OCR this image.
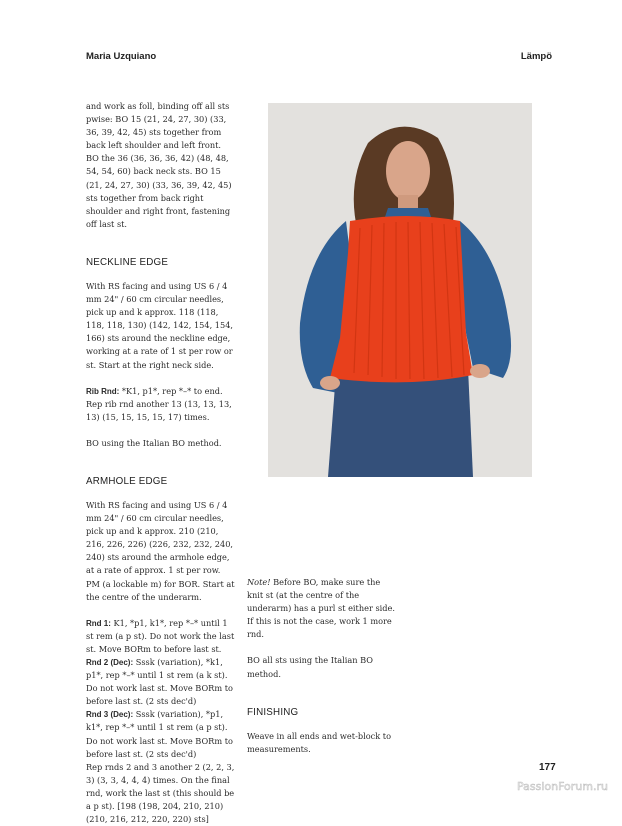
Maria Uzquiano	Lämpö

and work as foll, binding off all sts pwise: BO 15 (21, 24, 27, 30) (33, 36, 39, 42, 45) sts together from back left shoulder and left front. BO the 36 (36, 36, 36, 42) (48, 48, 54, 54, 60) back neck sts. BO 15 (21, 24, 27, 30) (33, 36, 39, 42, 45) sts together from back right shoulder and right front, fastening off last st.

NECKLINE EDGE

With RS facing and using US 6 / 4 mm 24" / 60 cm circular needles, pick up and k approx. 118 (118, 118, 118, 130) (142, 142, 154, 154, 166) sts around the neckline edge, working at a rate of 1 st per row or st. Start at the right neck side.

Rib Rnd: *K1, p1*, rep *–* to end.

Rep rib rnd another 13 (13, 13, 13, 13) (15, 15, 15, 15, 17) times.

BO using the Italian BO method.

ARMHOLE EDGE

With RS facing and using US 6 / 4 mm 24" / 60 cm circular needles, pick up and k approx. 210 (210, 216, 226, 226) (226, 232, 232, 240, 240) sts around the armhole edge, at a rate of approx. 1 st per row. PM (a lockable m) for BOR. Start at the centre of the underarm.

Rnd 1: K1, *p1, k1*, rep *–* until 1 st rem (a p st). Do not work the last st. Move BORm to before last st.

Rnd 2 (Dec): Sssk (variation), *k1, p1*, rep *–* until 1 st rem (a k st). Do not work last st. Move BORm to before last st. (2 sts dec'd)

Rnd 3 (Dec): Sssk (variation), *p1, k1*, rep *–* until 1 st rem (a p st). Do not work last st. Move BORm to before last st. (2 sts dec'd)

Rep rnds 2 and 3 another 2 (2, 2, 3, 3) (3, 3, 4, 4, 4) times. On the final rnd, work the last st (this should be a p st). [198 (198, 204, 210, 210) (210, 216, 212, 220, 220) sts]

Note! Before BO, make sure the knit st (at the centre of the underarm) has a purl st either side. If this is not the case, work 1 more rnd.

BO all sts using the Italian BO method.

FINISHING

Weave in all ends and wet-block to measurements.

177
PassionForum.ru
